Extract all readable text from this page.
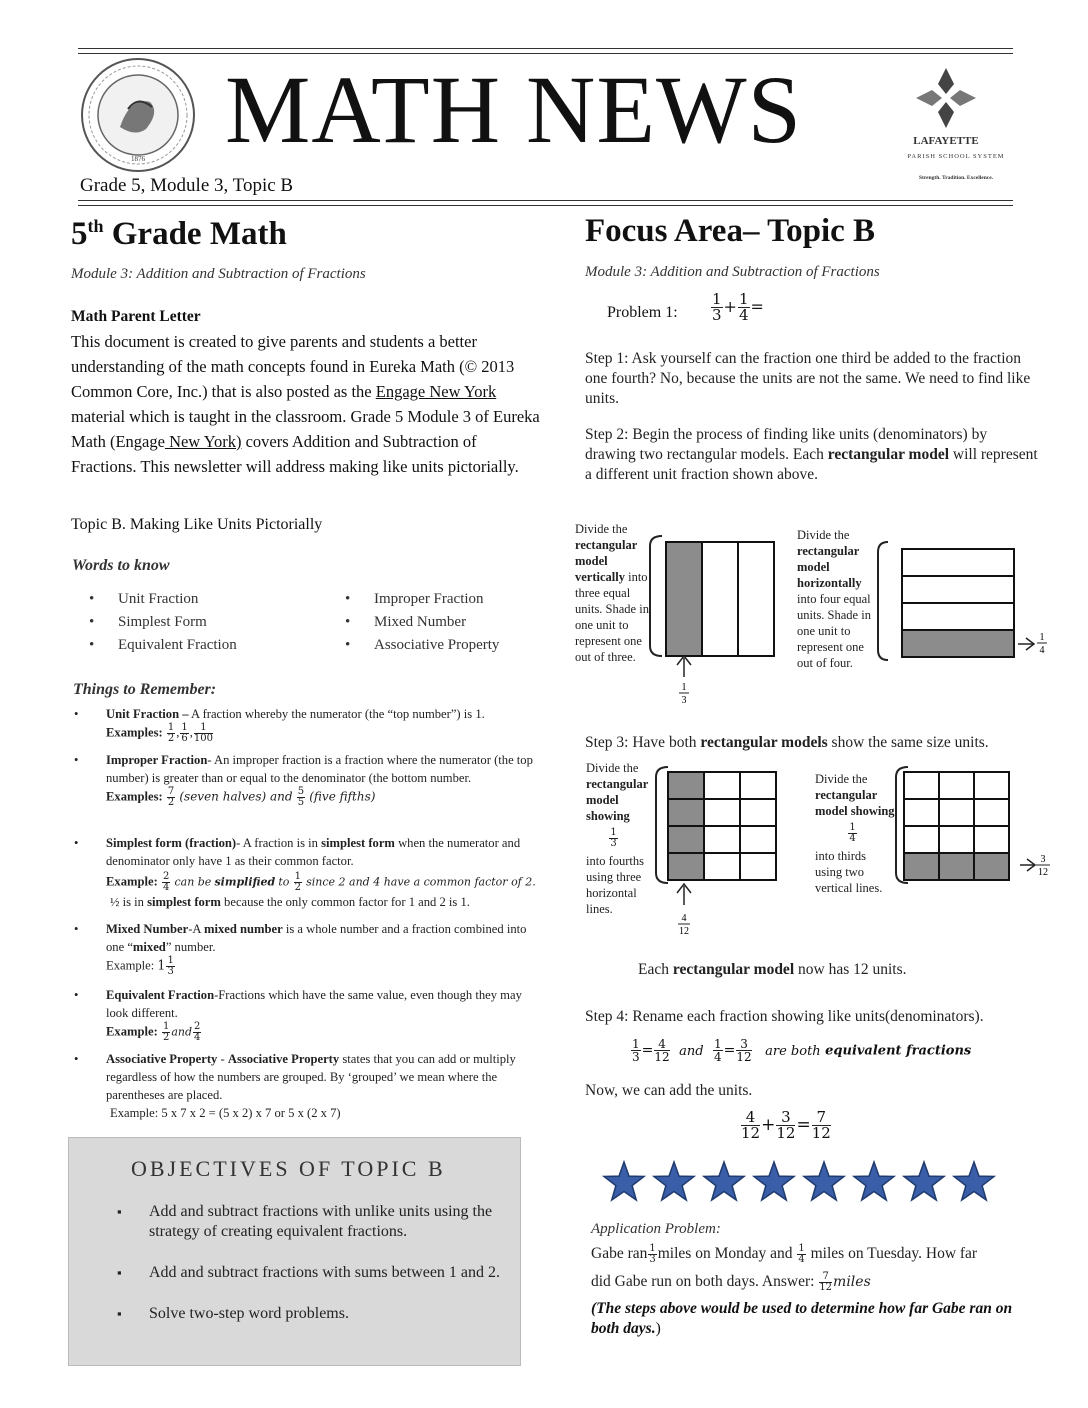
1876 MATH NEWS
Grade 5, Module 3, Topic B
LAFAYETTE
PARISH SCHOOL SYSTEM
Strength. Tradition. Excellence.
5th Grade Math
Module 3: Addition and Subtraction of Fractions
Math Parent Letter
This document is created to give parents and students a better understanding of the math concepts found in Eureka Math (© 2013 Common Core, Inc.) that is also posted as the Engage New York material which is taught in the classroom. Grade 5 Module 3 of Eureka Math (Engage New York) covers Addition and Subtraction of Fractions. This newsletter will address making like units pictorially.
Topic B. Making Like Units Pictorially
Words to know
• Unit Fraction
• Simplest Form
• Equivalent Fraction
• Improper Fraction
• Mixed Number
• Associative Property
Things to Remember:
• Unit Fraction – A fraction whereby the numerator (the “top number”) is 1.
Examples: $\frac{1}{2}$ , $\frac{1}{6}$ , $\frac{1}{100}$
• Improper Fraction- An improper fraction is a fraction where the numerator (the top number) is greater than or equal to the denominator (the bottom number.
Examples: $\frac{7}{2}$ (seven halves) and $\frac{5}{5}$ (five fifths)
• Simplest form (fraction)- A fraction is in simplest form when the numerator and denominator only have 1 as their common factor.
Example: $\frac{2}{4}$ can be simplified to $\frac{1}{2}$ since 2 and 4 have a common factor of 2.
½ is in simplest form because the only common factor for 1 and 2 is 1.
• Mixed Number-A mixed number is a whole number and a fraction combined into one “mixed” number.
Example: $1 \frac{1}{3}$
• Equivalent Fraction-Fractions which have the same value, even though they may look different.
Example: $\frac{1}{2}$ and $\frac{2}{4}$
• Associative Property - Associative Property states that you can add or multiply regardless of how the numbers are grouped. By ‘grouped’ we mean where the parentheses are placed.
Example: 5 x 7 x 2 = (5 x 2) x 7 or 5 x (2 x 7)
OBJECTIVES OF TOPIC B
▪ Add and subtract fractions with unlike units using the strategy of creating equivalent fractions.
▪ Add and subtract fractions with sums between 1 and 2.
▪ Solve two-step word problems.
Focus Area– Topic B
Module 3: Addition and Subtraction of Fractions
Problem 1: $\frac{1}{3} + \frac{1}{4}$ =
Step 1: Ask yourself can the fraction one third be added to the fraction one fourth? No, because the units are not the same. We need to find like units.
Step 2: Begin the process of finding like units (denominators) by drawing two rectangular models. Each rectangular model will represent a different unit fraction shown above.
Divide the rectangular model vertically into three equal units. Shade in one unit to represent one out of three.
1
3
Divide the rectangular model horizontally into four equal units. Shade in one unit to represent one out of four.
1
4
Step 3: Have both rectangular models show the same size units.
Divide the rectangular model showing
$\frac{1}{3}$
into fourths using three horizontal lines.
4
12
Divide the rectangular model showing
$\frac{1}{4}$
into thirds using two vertical lines.
3
12
Each rectangular model now has 12 units.
Step 4: Rename each fraction showing like units(denominators).
$\frac{1}{3} = \frac{4}{12}$ and $\frac{1}{4} = \frac{3}{12}$ are both equivalent fractions
Now, we can add the units.
$\frac{4}{12} + \frac{3}{12} = \frac{7}{12}$
Application Problem:
Gabe ran $\frac{1}{3}$ miles on Monday and $\frac{1}{4}$ miles on Tuesday. How far
did Gabe run on both days. Answer: $\frac{7}{12}$ miles
(The steps above would be used to determine how far Gabe ran on both days.)
